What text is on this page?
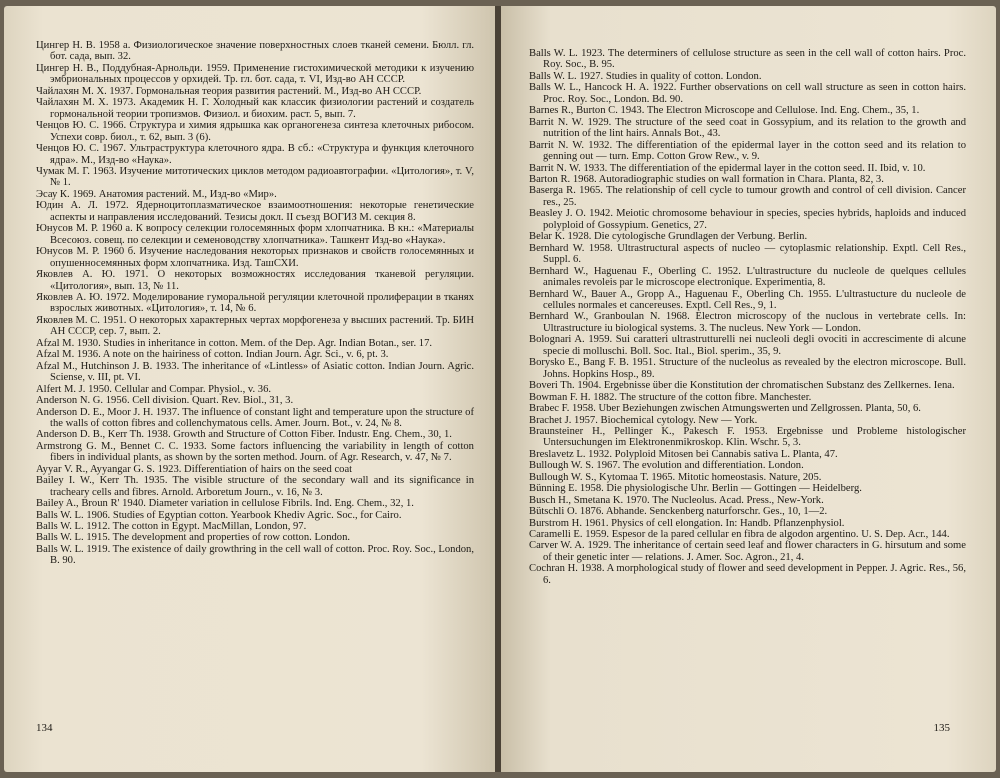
Цингер Н. В. 1958 а. Физиологическое значение поверхностных слоев тканей семени. Бюлл. гл. бот. сада, вып. 32.

Цингер Н. В., Поддубная-Арнольди. 1959. Применение гистохимической методики к изучению эмбриональных процессов у орхидей. Тр. гл. бот. сада, т. VI, Изд-во АН СССР.

Чайлахян М. Х. 1937. Гормональная теория развития растений. М., Изд-во АН СССР.

Чайлахян М. Х. 1973. Академик Н. Г. Холодный как классик физиологии растений и создатель гормональной теории тропизмов. Физиол. и биохим. раст. 5, вып. 7.

Ченцов Ю. С. 1966. Структура и химия ядрышка как органогенеза синтеза клеточных рибосом. Успехи совр. биол., т. 62, вып. 3 (6).

Ченцов Ю. С. 1967. Ультраструктура клеточного ядра. В сб.: «Структура и функция клеточного ядра». М., Изд-во «Наука».

Чумак М. Г. 1963. Изучение митотических циклов методом радиоавтографии. «Цитология», т. V, № 1.

Эсау К. 1969. Анатомия растений. М., Изд-во «Мир».

Юдин А. Л. 1972. Ядерноцитоплазматическое взаимоотношения: некоторые генетические аспекты и направления исследований. Тезисы докл. II съезд ВОГИЗ М. секция 8.

Юнусов М. Р. 1960 а. К вопросу селекции голосемянных форм хлопчатника. В кн.: «Материалы Всесоюз. совещ. по селекции и семеноводству хлопчатника». Ташкент Изд-во «Наука».

Юнусов М. Р. 1960 б. Изучение наследования некоторых признаков и свойств голосемянных и опушенносемянных форм хлопчатника. Изд. ТашСХИ.

Яковлев А. Ю. 1971. О некоторых возможностях исследования тканевой регуляции. «Цитология», вып. 13, № 11.

Яковлев А. Ю. 1972. Моделирование гуморальной регуляции клеточной пролиферации в тканях взрослых животных. «Цитология», т. 14, № 6.

Яковлев М. С. 1951. О некоторых характерных чертах морфогенеза у высших растений. Тр. БИН АН СССР, сер. 7, вып. 2.

Afzal M. 1930. Studies in inheritance in cotton. Mem. of the Dep. Agr. Indian Botan., ser. 17.

Afzal M. 1936. A note on the hairiness of cotton. Indian Journ. Agr. Sci., v. 6, pt. 3.

Afzal M., Hutchinson J. B. 1933. The inheritance of «Lintless» of Asiatic cotton. Indian Journ. Agric. Sciense, v. III, pt. VI.

Alfert M. J. 1950. Cellular and Compar. Physiol., v. 36.

Anderson N. G. 1956. Cell division. Quart. Rev. Biol., 31, 3.

Anderson D. E., Moor J. H. 1937. The influence of constant light and temperature upon the structure of the walls of cotton fibres and collenchymatous cells. Amer. Journ. Bot., v. 24, № 8.

Anderson D. B., Kerr Th. 1938. Growth and Structure of Cotton Fiber. Industr. Eng. Chem., 30, 1.

Armstrong G. M., Bennet C. C. 1933. Some factors influencing the variability in length of cotton fibers in individual plants, as shown by the sorten method. Journ. of Agr. Research, v. 47, № 7.

Ayyar V. R., Ayyangar G. S. 1923. Differentiation of hairs on the seed coat

Bailey I. W., Kerr Th. 1935. The visible structure of the secondary wall and its significance in tracheary cells and fibres. Arnold. Arboretum Journ., v. 16, № 3.

Bailey A., Broun R' 1940. Diameter variation in cellulose Fibrils. Ind. Eng. Chem., 32, 1.

Balls W. L. 1906. Studies of Egyptian cotton. Yearbook Khediv Agric. Soc., for Cairo.

Balls W. L. 1912. The cotton in Egypt. MacMillan, London, 97.

Balls W. L. 1915. The development and properties of row cotton. London.

Balls W. L. 1919. The existence of daily growthring in the cell wall of cotton. Proc. Roy. Soc., London, B. 90.

134

Balls W. L. 1923. The determiners of cellulose structure as seen in the cell wall of cotton hairs. Proc. Roy. Soc., B. 95.

Balls W. L. 1927. Studies in quality of cotton. London.

Balls W. L., Hancock H. A. 1922. Further observations on cell wall structure as seen in cotton hairs. Proc. Roy. Soc., London. Bd. 90.

Barnes R., Burton C. 1943. The Electron Microscope and Cellulose. Ind. Eng. Chem., 35, 1.

Barrit N. W. 1929. The structure of the seed coat in Gossypium, and its relation to the growth and nutrition of the lint hairs. Annals Bot., 43.

Barrit N. W. 1932. The differentiation of the epidermal layer in the cotton seed and its relation to genning out — turn. Emp. Cotton Grow Rew., v. 9.

Barrit N. W. 1933. The differentiation of the epidermal layer in the cotton seed. II. Ibid, v. 10.

Barton R. 1968. Autoradiographic studies on wall formation in Chara. Planta, 82, 3.

Baserga R. 1965. The relationship of cell cycle to tumour growth and control of cell division. Cancer res., 25.

Beasley J. O. 1942. Meiotic chromosome behaviour in species, species hybrids, haploids and induced polyploid of Gossypium. Genetics, 27.

Belar K. 1928. Die cytologische Grundlagen der Verbung. Berlin.

Bernhard W. 1958. Ultrastructural aspects of nucleo — cytoplasmic relationship. Exptl. Cell Res., Suppl. 6.

Bernhard W., Haguenau F., Oberling C. 1952. L'ultrastructure du nucleole de quelques cellules animales revoleis par le microscope electronique. Experimentia, 8.

Bernhard W., Bauer A., Gropp A., Haguenau F., Oberling Ch. 1955. L'ultrastucture du nucleole de cellules normales et cancereuses. Exptl. Cell Res., 9, 1.

Bernhard W., Granboulan N. 1968. Electron microscopy of the nuclous in vertebrate cells. In: Ultrastructure iu biological systems. 3. The nucleus. New York — London.

Bolognari A. 1959. Sui caratteri ultrastrutturelli nei nucleoli degli ovociti in accrescimente di alcune specie di molluschi. Boll. Soc. Ital., Biol. sperim., 35, 9.

Borysko E., Bang F. B. 1951. Structure of the nucleolus as revealed by the electron microscope. Bull. Johns. Hopkins Hosp., 89.

Boveri Th. 1904. Ergebnisse über die Konstitution der chromatischen Substanz des Zellkernes. Iena.

Bowman F. H. 1882. The structure of the cotton fibre. Manchester.

Brabec F. 1958. Uber Beziehungen zwischen Atmungswerten und Zellgrossen. Planta, 50, 6.

Brachet J. 1957. Biochemical cytology. New — York.

Braunsteiner H., Pellinger K., Pakesch F. 1953. Ergebnisse und Probleme histologischer Untersuchungen im Elektronenmikroskop. Klin. Wschr. 5, 3.

Breslavetz L. 1932. Polyploid Mitosen bei Cannabis sativa L. Planta, 47.

Bullough W. S. 1967. The evolution and differentiation. London.

Bullough W. S., Kytomaa T. 1965. Mitotic homeostasis. Nature, 205.

Bünning E. 1958. Die physiologische Uhr. Berlin — Gottingen — Heidelberg.

Busch H., Smetana K. 1970. The Nucleolus. Acad. Press., New-York.

Bütschli O. 1876. Abhande. Senckenberg naturforschr. Ges., 10, 1—2.

Burstrom H. 1961. Physics of cell elongation. In: Handb. Pflanzenphysiol.

Caramelli E. 1959. Espesor de la pared cellular en fibra de algodon argentino. U. S. Dep. Acr., 144.

Carver W. A. 1929. The inheritance of certain seed leaf and flower characters in G. hirsutum and some of their genetic inter — relations. J. Amer. Soc. Agron., 21, 4.

Cochran H. 1938. A morphological study of flower and seed development in Pepper. J. Agric. Res., 56, 6.

135
